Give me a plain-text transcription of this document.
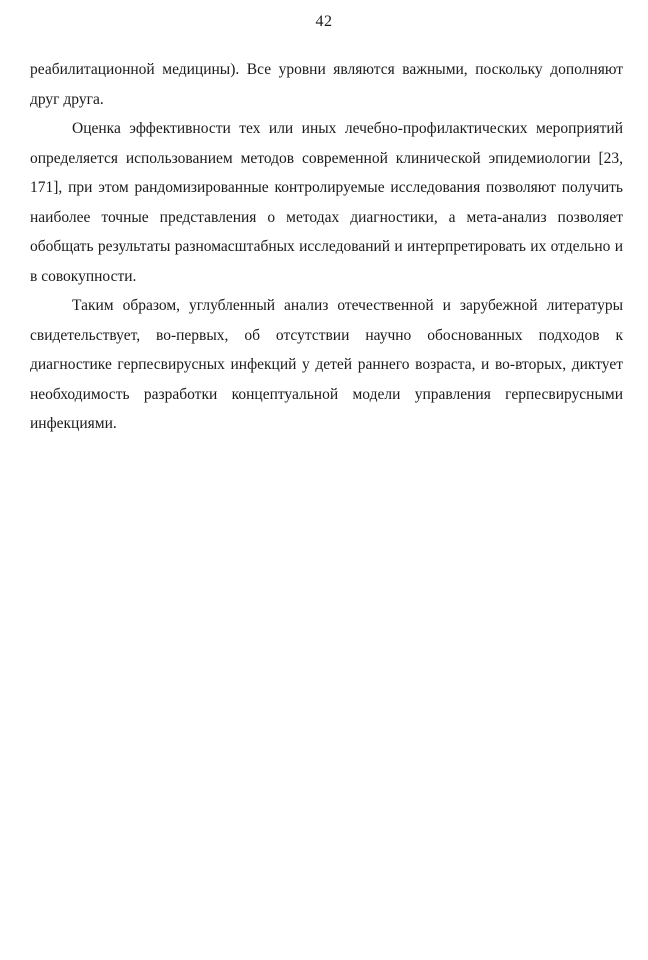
42

реабилитационной медицины). Все уровни являются важными, поскольку дополняют друг друга.

Оценка эффективности тех или иных лечебно-профилактических мероприятий определяется использованием методов современной клинической эпидемиологии [23, 171], при этом рандомизированные контролируемые исследования позволяют получить наиболее точные представления о методах диагностики, а мета-анализ позволяет обобщать результаты разномасштабных исследований и интерпретировать их отдельно и в совокупности.

Таким образом, углубленный анализ отечественной и зарубежной литературы свидетельствует, во-первых, об отсутствии научно обоснованных подходов к диагностике герпесвирусных инфекций у детей раннего возраста, и во-вторых, диктует необходимость разработки концептуальной модели управления герпесвирусными инфекциями.
